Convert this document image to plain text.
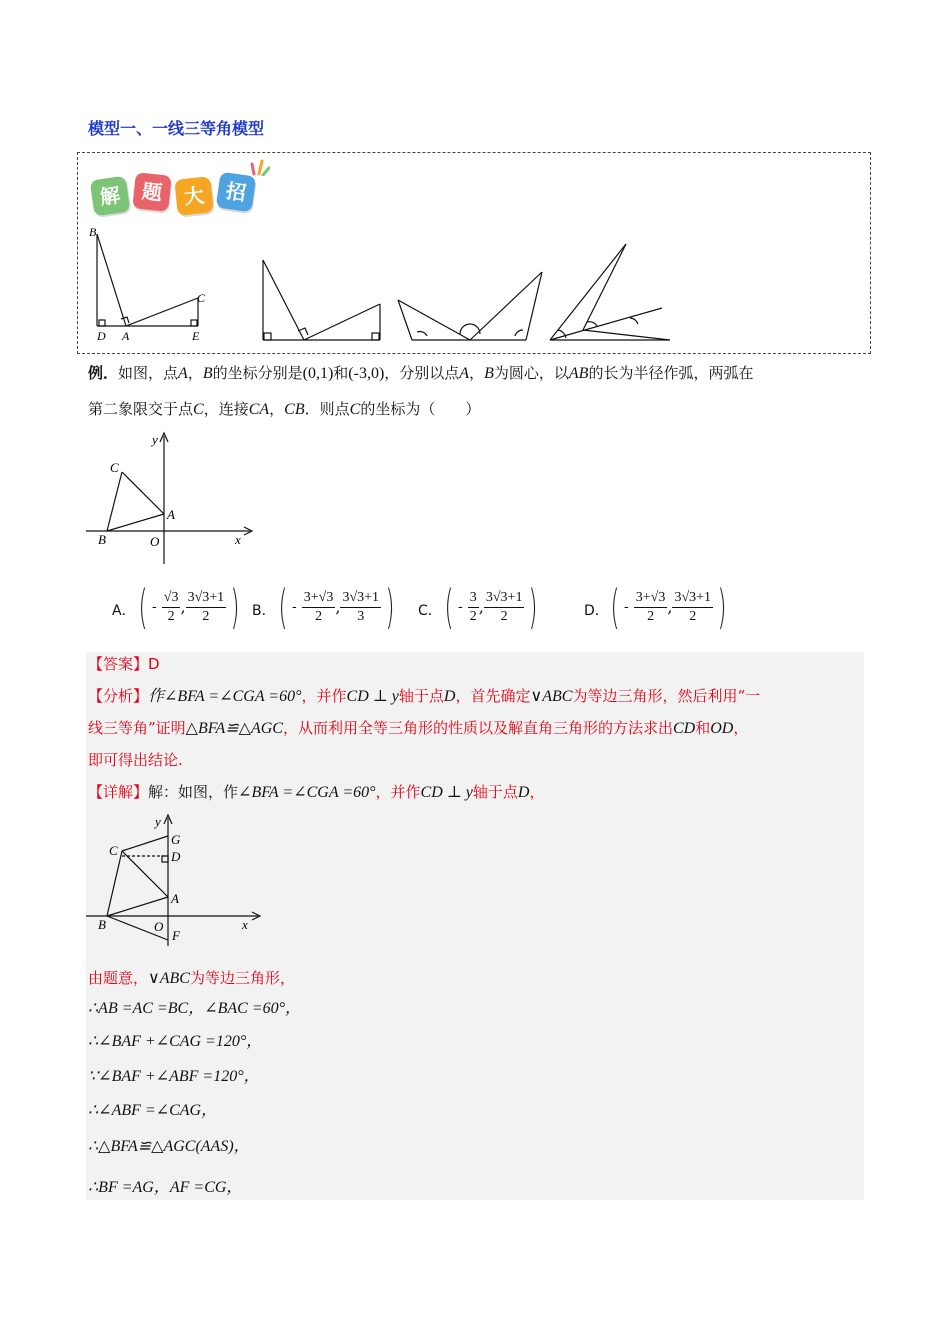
模型一、一线三等角模型
解 题 大 招
B
C
D A	E
例．如图，点A，B的坐标分别是(0,1)和(-3,0)，分别以点A，B为圆心，以AB的长为半径作弧，两弧在
第二象限交于点C，连接CA，CB．则点C的坐标为（　　）
y
C
A
B	O	x
A． ( - $\frac{√3}{2}$ , $\frac{3√3+1}{2}$ ) B． ( - $\frac{3+√3}{2}$ , $\frac{3√3+1}{3}$ )	C． ( - $\frac{3}{2}$ , $\frac{3√3+1}{2}$ )	D． ( - $\frac{3+√3}{2}$ , $\frac{3√3+1}{2}$ )
【答案】D
【分析】作∠BFA =∠CGA =60°，并作CD ⊥ y轴于点D，首先确定∨ABC为等边三角形，然后利用“一
线三等角”证明△BFA≌△AGC，从而利用全等三角形的性质以及解直角三角形的方法求出CD和OD，
即可得出结论.
【详解】解：如图，作∠BFA =∠CGA =60°，并作CD ⊥ y轴于点D，
y
G
C	D
A
B	O
F
x
由题意，∨ABC为等边三角形，
∴AB =AC =BC，∠BAC =60°，
∴∠BAF +∠CAG =120°，
∵∠BAF +∠ABF =120°，
∴∠ABF =∠CAG，
∴△BFA≌△AGC(AAS)，
∴BF =AG，AF =CG，
